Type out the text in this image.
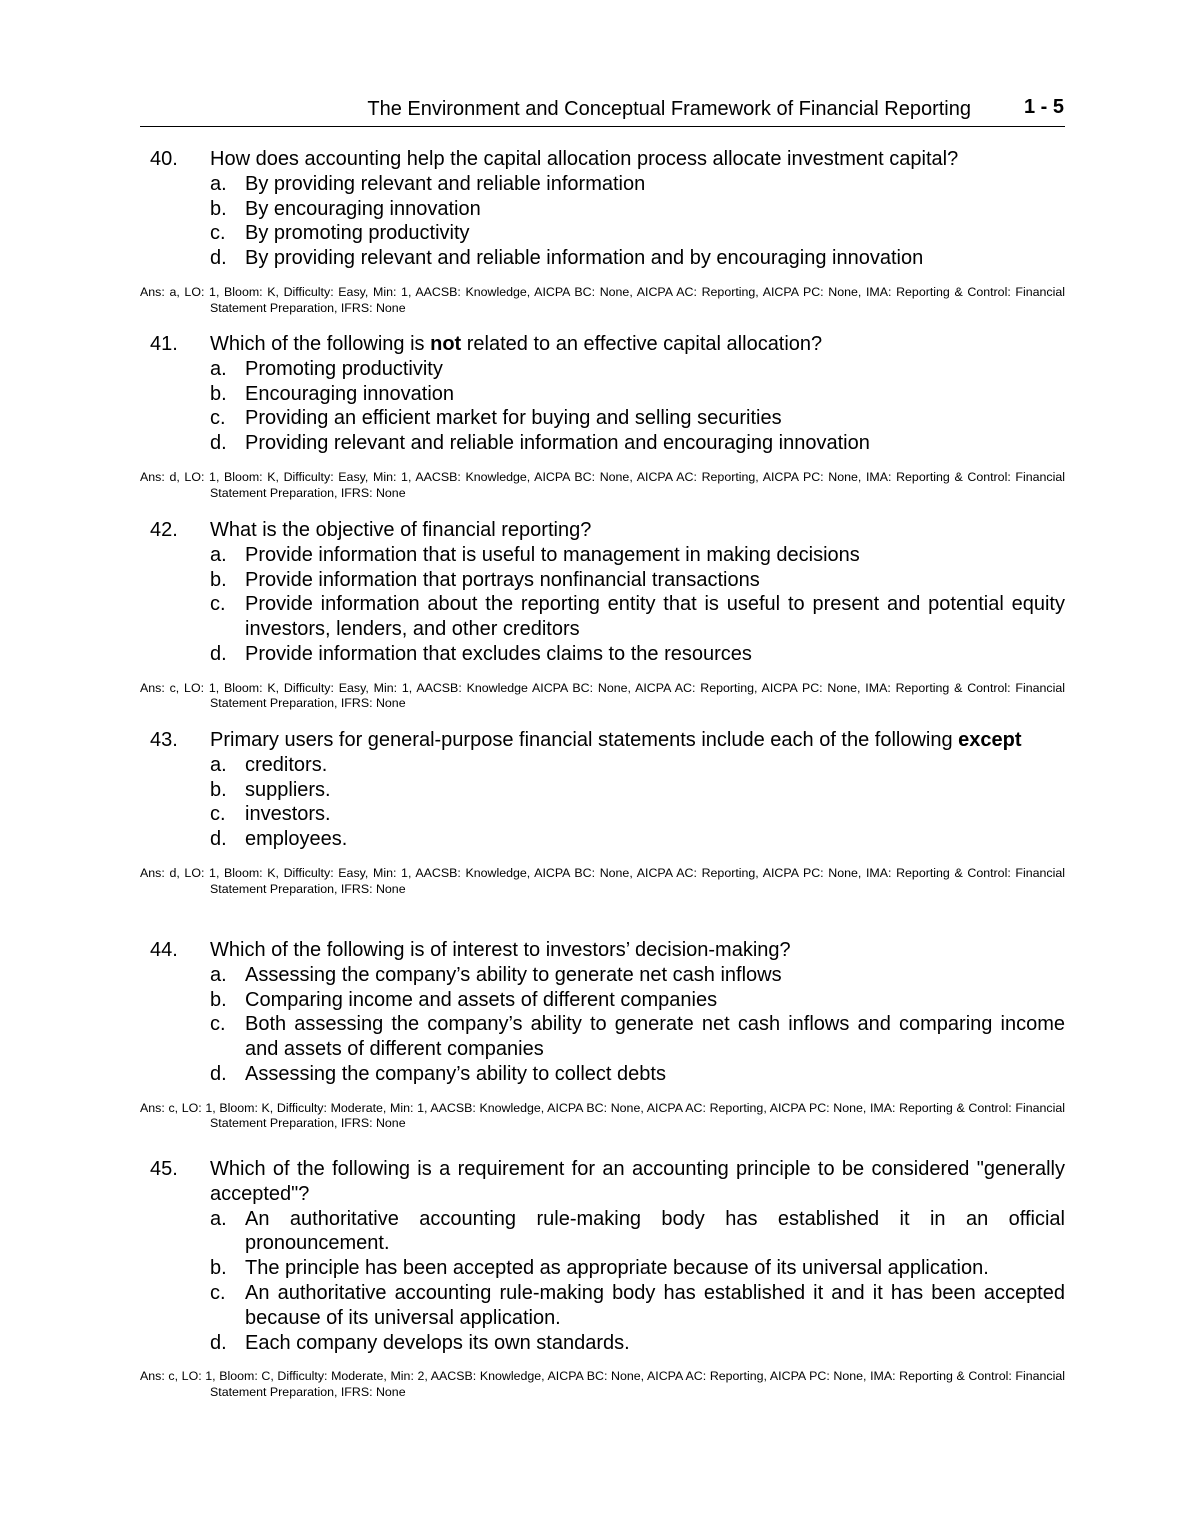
The Environment and Conceptual Framework of Financial Reporting	1 - 5
40. How does accounting help the capital allocation process allocate investment capital?
a. By providing relevant and reliable information
b. By encouraging innovation
c. By promoting productivity
d. By providing relevant and reliable information and by encouraging innovation
Ans: a, LO: 1, Bloom: K, Difficulty: Easy, Min: 1, AACSB: Knowledge, AICPA BC: None, AICPA AC: Reporting, AICPA PC: None, IMA: Reporting & Control: Financial Statement Preparation, IFRS: None
41. Which of the following is not related to an effective capital allocation?
a. Promoting productivity
b. Encouraging innovation
c. Providing an efficient market for buying and selling securities
d. Providing relevant and reliable information and encouraging innovation
Ans: d, LO: 1, Bloom: K, Difficulty: Easy, Min: 1, AACSB: Knowledge, AICPA BC: None, AICPA AC: Reporting, AICPA PC: None, IMA: Reporting & Control: Financial Statement Preparation, IFRS: None
42. What is the objective of financial reporting?
a. Provide information that is useful to management in making decisions
b. Provide information that portrays nonfinancial transactions
c. Provide information about the reporting entity that is useful to present and potential equity investors, lenders, and other creditors
d. Provide information that excludes claims to the resources
Ans: c, LO: 1, Bloom: K, Difficulty: Easy, Min: 1, AACSB: Knowledge AICPA BC: None, AICPA AC: Reporting, AICPA PC: None, IMA: Reporting & Control: Financial Statement Preparation, IFRS: None
43. Primary users for general-purpose financial statements include each of the following except
a. creditors.
b. suppliers.
c. investors.
d. employees.
Ans: d, LO: 1, Bloom: K, Difficulty: Easy, Min: 1, AACSB: Knowledge, AICPA BC: None, AICPA AC: Reporting, AICPA PC: None, IMA: Reporting & Control: Financial Statement Preparation, IFRS: None
44. Which of the following is of interest to investors’ decision-making?
a. Assessing the company’s ability to generate net cash inflows
b. Comparing income and assets of different companies
c. Both assessing the company’s ability to generate net cash inflows and comparing income and assets of different companies
d. Assessing the company’s ability to collect debts
Ans: c, LO: 1, Bloom: K, Difficulty: Moderate, Min: 1, AACSB: Knowledge, AICPA BC: None, AICPA AC: Reporting, AICPA PC: None, IMA: Reporting & Control: Financial Statement Preparation, IFRS: None
45. Which of the following is a requirement for an accounting principle to be considered "generally accepted"?
a. An authoritative accounting rule-making body has established it in an official pronouncement.
b. The principle has been accepted as appropriate because of its universal application.
c. An authoritative accounting rule-making body has established it and it has been accepted because of its universal application.
d. Each company develops its own standards.
Ans: c, LO: 1, Bloom: C, Difficulty: Moderate, Min: 2, AACSB: Knowledge, AICPA BC: None, AICPA AC: Reporting, AICPA PC: None, IMA: Reporting & Control: Financial Statement Preparation, IFRS: None
